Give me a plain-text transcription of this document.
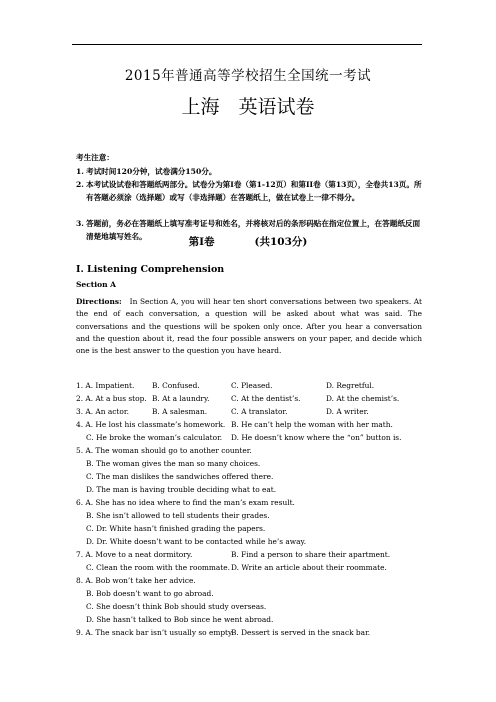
2015年普通高等学校招生全国统一考试
上海　英语试卷
考生注意：
1. 考试时间120分钟，试卷满分150分。
2. 本考试设试卷和答题纸两部分。试卷分为第I卷（第1-12页）和第II卷（第13页），全卷共13页。所有答题必须涂（选择题）或写（非选择题）在答题纸上，做在试卷上一律不得分。
3. 答题前，务必在答题纸上填写准考证号和姓名，并将核对后的条形码贴在指定位置上，在答题纸反面清楚地填写姓名。	第I卷	(共103分)
I. Listening Comprehension
Section A
Directions: In Section A, you will hear ten short conversations between two speakers. At the end of each conversation, a question will be asked about what was said. The conversations and the questions will be spoken only once. After you hear a conversation and the question about it, read the four possible answers on your paper, and decide which one is the best answer to the question you have heard.
1. A. Impatient. B. Confused.	C. Pleased.	D. Regretful.
2. A. At a bus stop. B. At a laundry.	C. At the dentist’s.	D. At the chemist’s.
3. A. An actor.	B. A salesman.	C. A translator.	D. A writer.
4. A. He lost his classmate’s homework. B. He can’t help the woman with her math.
C. He broke the woman’s calculator. D. He doesn’t know where the “on” button is.
5. A. The woman should go to another counter.
B. The woman gives the man so many choices.
C. The man dislikes the sandwiches offered there.
D. The man is having trouble deciding what to eat.
6. A. She has no idea where to find the man’s exam result.
B. She isn’t allowed to tell students their grades.
C. Dr. White hasn’t finished grading the papers.
D. Dr. White doesn’t want to be contacted while he’s away.
7. A. Move to a neat dormitory.	B. Find a person to share their apartment.
C. Clean the room with the roommate. D. Write an article about their roommate.
8. A. Bob won’t take her advice.
B. Bob doesn’t want to go abroad.
C. She doesn’t think Bob should study overseas.
D. She hasn’t talked to Bob since he went abroad.
9. A. The snack bar isn’t usually so empty.
B. Dessert is served in the snack bar.
